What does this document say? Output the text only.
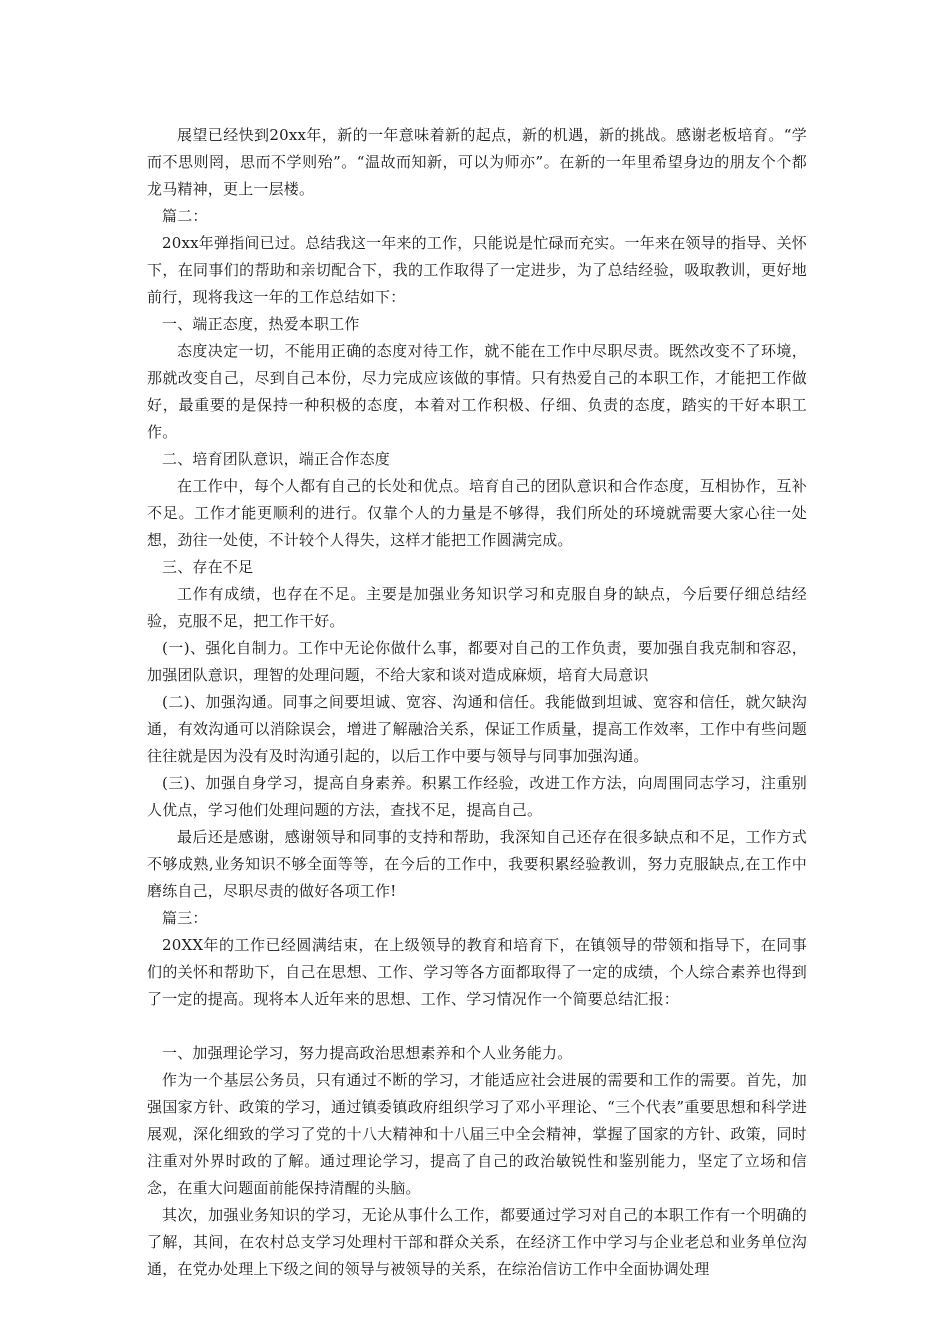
展望已经快到20xx年，新的一年意味着新的起点，新的机遇，新的挑战。感谢老板培育。“学而不思则罔，思而不学则殆”。“温故而知新，可以为师亦”。在新的一年里希望身边的朋友个个都龙马精神，更上一层楼。

篇二：

20xx年弹指间已过。总结我这一年来的工作，只能说是忙碌而充实。一年来在领导的指导、关怀下，在同事们的帮助和亲切配合下，我的工作取得了一定进步，为了总结经验，吸取教训，更好地前行，现将我这一年的工作总结如下：

一、端正态度，热爱本职工作

态度决定一切，不能用正确的态度对待工作，就不能在工作中尽职尽责。既然改变不了环境，那就改变自己，尽到自己本份，尽力完成应该做的事情。只有热爱自己的本职工作，才能把工作做好，最重要的是保持一种积极的态度，本着对工作积极、仔细、负责的态度，踏实的干好本职工作。

二、培育团队意识，端正合作态度

在工作中，每个人都有自己的长处和优点。培育自己的团队意识和合作态度，互相协作，互补不足。工作才能更顺利的进行。仅靠个人的力量是不够得，我们所处的环境就需要大家心往一处想，劲往一处使，不计较个人得失，这样才能把工作圆满完成。

三、存在不足

工作有成绩，也存在不足。主要是加强业务知识学习和克服自身的缺点，今后要仔细总结经验，克服不足，把工作干好。

(一)、强化自制力。工作中无论你做什么事，都要对自己的工作负责，要加强自我克制和容忍，加强团队意识，理智的处理问题，不给大家和谈对造成麻烦，培育大局意识

(二)、加强沟通。同事之间要坦诚、宽容、沟通和信任。我能做到坦诚、宽容和信任，就欠缺沟通，有效沟通可以消除误会，增进了解融洽关系，保证工作质量，提高工作效率，工作中有些问题往往就是因为没有及时沟通引起的，以后工作中要与领导与同事加强沟通。

(三)、加强自身学习，提高自身素养。积累工作经验，改进工作方法，向周围同志学习，注重别人优点，学习他们处理问题的方法，查找不足，提高自己。

最后还是感谢，感谢领导和同事的支持和帮助，我深知自己还存在很多缺点和不足，工作方式不够成熟,业务知识不够全面等等，在今后的工作中，我要积累经验教训，努力克服缺点,在工作中磨练自己，尽职尽责的做好各项工作!

篇三：

20XX年的工作已经圆满结束，在上级领导的教育和培育下，在镇领导的带领和指导下，在同事们的关怀和帮助下，自己在思想、工作、学习等各方面都取得了一定的成绩，个人综合素养也得到了一定的提高。现将本人近年来的思想、工作、学习情况作一个简要总结汇报：

一、加强理论学习，努力提高政治思想素养和个人业务能力。

作为一个基层公务员，只有通过不断的学习，才能适应社会进展的需要和工作的需要。首先，加强国家方针、政策的学习，通过镇委镇政府组织学习了邓小平理论、“三个代表”重要思想和科学进展观，深化细致的学习了党的十八大精神和十八届三中全会精神，掌握了国家的方针、政策，同时注重对外界时政的了解。通过理论学习，提高了自己的政治敏锐性和鉴别能力，坚定了立场和信念，在重大问题面前能保持清醒的头脑。

其次，加强业务知识的学习，无论从事什么工作，都要通过学习对自己的本职工作有一个明确的了解，其间，在农村总支学习处理村干部和群众关系，在经济工作中学习与企业老总和业务单位沟通，在党办处理上下级之间的领导与被领导的关系，在综治信访工作中全面协调处理
